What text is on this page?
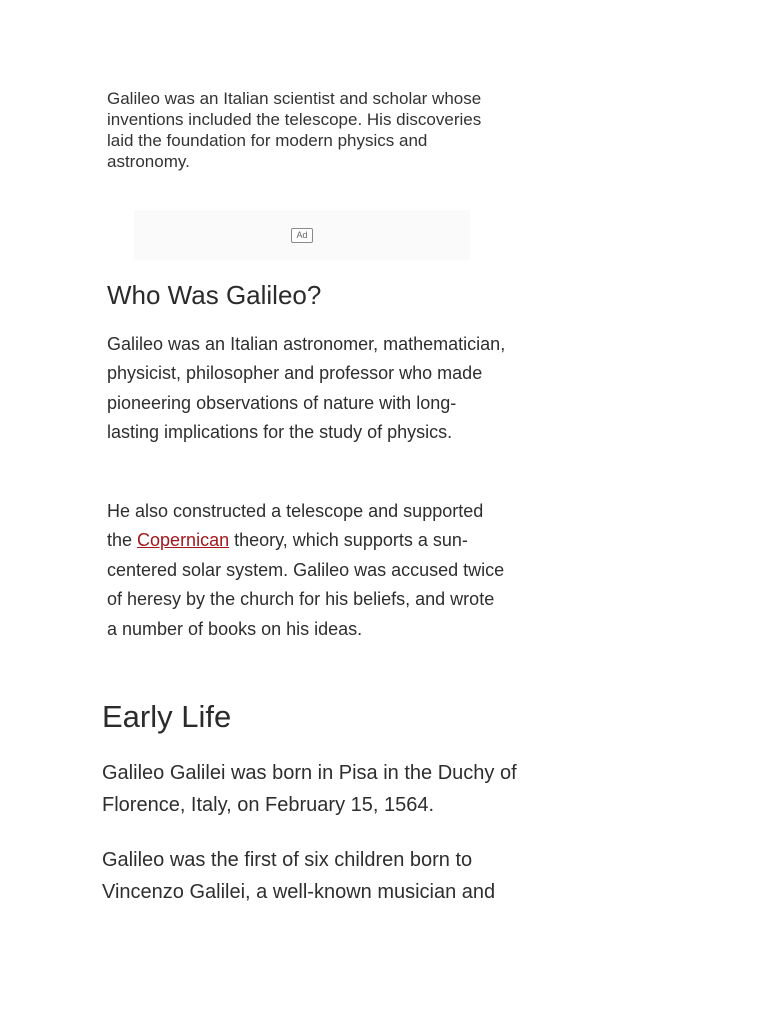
Galileo was an Italian scientist and scholar whose inventions included the telescope. His discoveries laid the foundation for modern physics and astronomy.

Ad
Who Was Galileo?

Galileo was an Italian astronomer, mathematician, physicist, philosopher and professor who made pioneering observations of nature with long-lasting implications for the study of physics.

He also constructed a telescope and supported the Copernican theory, which supports a sun-centered solar system. Galileo was accused twice of heresy by the church for his beliefs, and wrote a number of books on his ideas.

Early Life

Galileo Galilei was born in Pisa in the Duchy of Florence, Italy, on February 15, 1564.

Galileo was the first of six children born to Vincenzo Galilei, a well-known musician and
